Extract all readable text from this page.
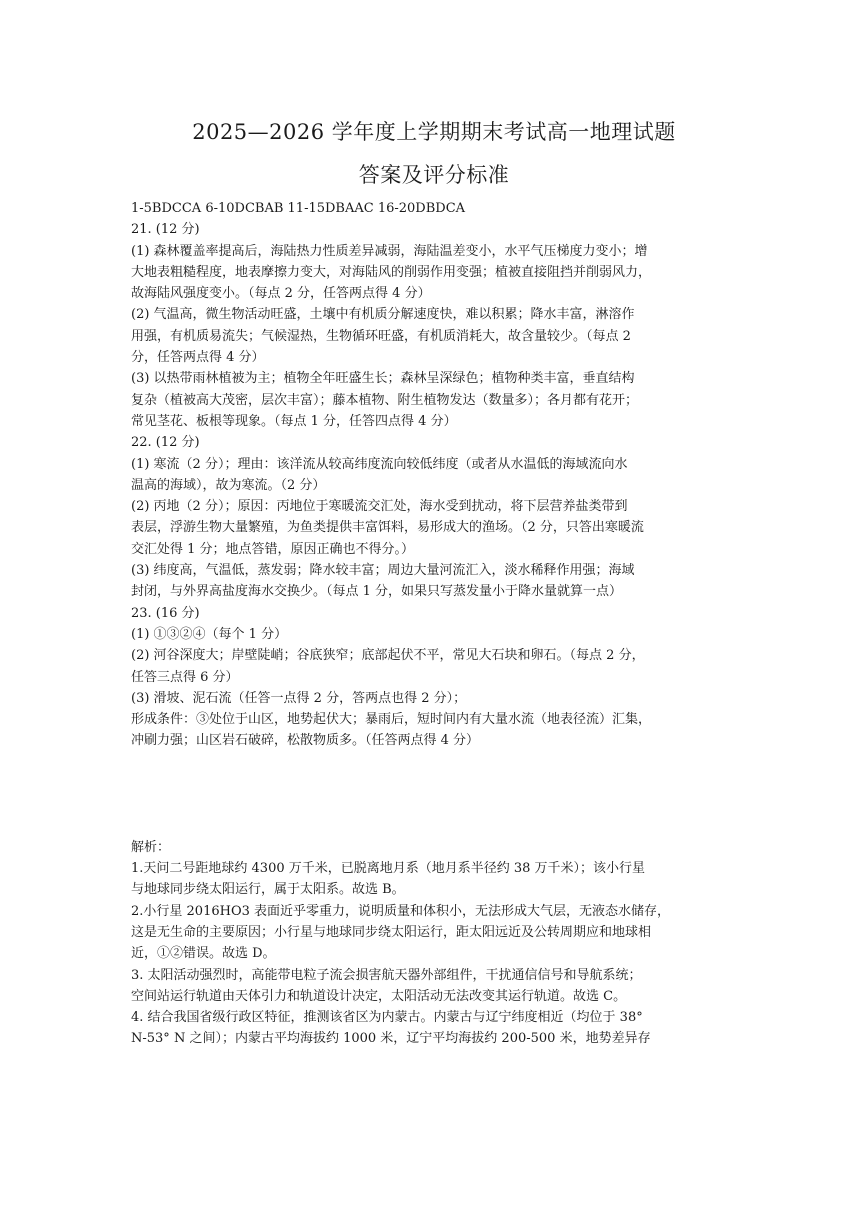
2025—2026 学年度上学期期末考试高一地理试题
答案及评分标准
1-5BDCCA 6-10DCBAB 11-15DBAAC 16-20DBDCA
21. (12 分)
(1) 森林覆盖率提高后，海陆热力性质差异减弱，海陆温差变小，水平气压梯度力变小；增
大地表粗糙程度，地表摩擦力变大，对海陆风的削弱作用变强；植被直接阻挡并削弱风力，
故海陆风强度变小。（每点 2 分，任答两点得 4 分）
(2) 气温高，微生物活动旺盛，土壤中有机质分解速度快，难以积累；降水丰富，淋溶作
用强，有机质易流失；气候湿热，生物循环旺盛，有机质消耗大，故含量较少。（每点 2
分，任答两点得 4 分）
(3) 以热带雨林植被为主；植物全年旺盛生长；森林呈深绿色；植物种类丰富，垂直结构
复杂（植被高大茂密，层次丰富）；藤本植物、附生植物发达（数量多）；各月都有花开；
常见茎花、板根等现象。（每点 1 分，任答四点得 4 分）
22. (12 分)
(1) 寒流（2 分）；理由：该洋流从较高纬度流向较低纬度（或者从水温低的海域流向水
温高的海域），故为寒流。（2 分）
(2) 丙地（2 分）；原因：丙地位于寒暖流交汇处，海水受到扰动，将下层营养盐类带到
表层，浮游生物大量繁殖，为鱼类提供丰富饵料，易形成大的渔场。（2 分，只答出寒暖流
交汇处得 1 分；地点答错，原因正确也不得分。）
(3) 纬度高，气温低，蒸发弱；降水较丰富；周边大量河流汇入，淡水稀释作用强；海域
封闭，与外界高盐度海水交换少。（每点 1 分，如果只写蒸发量小于降水量就算一点）
23. (16 分)
(1) ①③②④（每个 1 分）
(2) 河谷深度大；岸壁陡峭；谷底狭窄；底部起伏不平，常见大石块和卵石。（每点 2 分，
任答三点得 6 分）
(3) 滑坡、泥石流（任答一点得 2 分，答两点也得 2 分）；
形成条件：③处位于山区，地势起伏大；暴雨后，短时间内有大量水流（地表径流）汇集，
冲刷力强；山区岩石破碎，松散物质多。（任答两点得 4 分）
解析：
1.天问二号距地球约 4300 万千米，已脱离地月系（地月系半径约 38 万千米）；该小行星
与地球同步绕太阳运行，属于太阳系。故选 B。
2.小行星 2016HO3 表面近乎零重力，说明质量和体积小，无法形成大气层，无液态水储存，
这是无生命的主要原因；小行星与地球同步绕太阳运行，距太阳远近及公转周期应和地球相
近，①②错误。故选 D。
3. 太阳活动强烈时，高能带电粒子流会损害航天器外部组件，干扰通信信号和导航系统；
空间站运行轨道由天体引力和轨道设计决定，太阳活动无法改变其运行轨道。故选 C。
4. 结合我国省级行政区特征，推测该省区为内蒙古。内蒙古与辽宁纬度相近（均位于 38°
N-53° N 之间）；内蒙古平均海拔约 1000 米，辽宁平均海拔约 200-500 米，地势差异存
